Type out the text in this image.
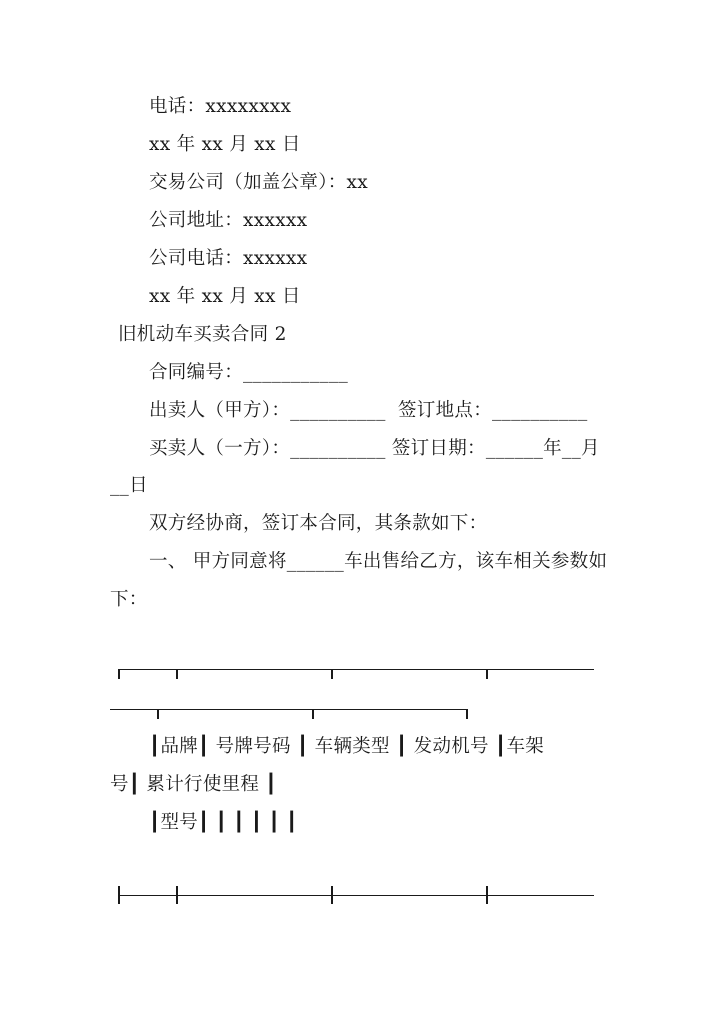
电话：xxxxxxxx
xx 年 xx 月 xx 日
交易公司（加盖公章）：xx
公司地址：xxxxxx
公司电话：xxxxxx
xx 年 xx 月 xx 日
旧机动车买卖合同 2
合同编号：___________
出卖人（甲方）：__________  签订地点：__________
买卖人（一方）：__________ 签订日期：______年__月
__日
双方经协商，签订本合同，其条款如下：
一、 甲方同意将______车出售给乙方，该车相关参数如
下：
┃品牌┃ 号牌号码 ┃ 车辆类型 ┃ 发动机号 ┃车架
号┃ 累计行使里程 ┃
┃型号┃ ┃ ┃ ┃ ┃ ┃
